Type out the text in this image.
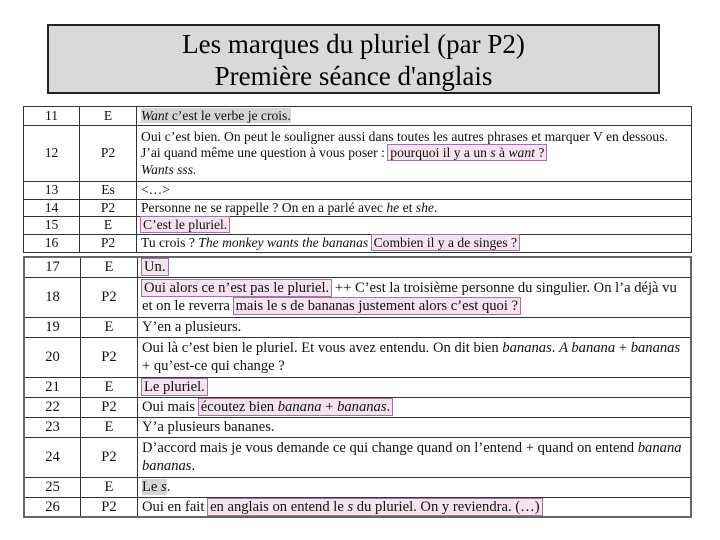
Les marques du pluriel (par P2)
Première séance d'anglais
11	E	Want c’est le verbe je crois.
12	P2	Oui c’est bien. On peut le souligner aussi dans toutes les autres phrases et marquer V en dessous. J’ai quand même une question à vous poser : pourquoi il y a un s à want ?
Wants sss.
13	Es	<…>
14	P2	Personne ne se rappelle ? On en a parlé avec he et she.
15	E	C’est le pluriel.
16	P2	Tu crois ? The monkey wants the bananas Combien il y a de singes ?
17	E	Un.
18	P2	Oui alors ce n’est pas le pluriel. ++ C’est la troisième personne du singulier. On l’a déjà vu et on le reverra mais le s de bananas justement alors c’est quoi ?
19	E	Y’en a plusieurs.
20	P2	Oui là c’est bien le pluriel. Et vous avez entendu. On dit bien bananas. A banana + bananas + qu’est-ce qui change ?
21	E	Le pluriel.
22	P2	Oui mais écoutez bien banana + bananas.
23	E	Y’a plusieurs bananes.
24	P2	D’accord mais je vous demande ce qui change quand on l’entend + quand on entend banana bananas.
25	E	Le s.
26	P2	Oui en fait en anglais on entend le s du pluriel. On y reviendra. (…)
